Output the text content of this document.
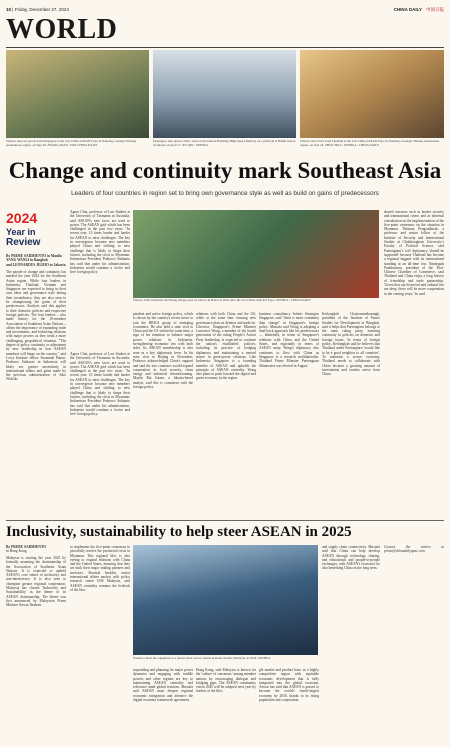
10 | Friday, December 27, 2024	CHINA DAILY 中国日报
WORLD
Visitors shop for goods from Singapore at the 21st China-ASEAN Expo in Nanning, Guangxi Zhuang autonomous region, on Sept 28. ZHANG AILIN / FOR CHINA DAILY
Passengers take photos with a train on the Jakarta-Bandung High-Speed Railway on a platform at Halim station in Jakarta on April 17. XU QIN / XINHUA
Visitors taste fruits from Thailand at the 21st China-ASEAN Expo in Nanning, Guangxi Zhuang autonomous region, on Sept 24. ZHOU HUA / XINHUA / CHINA DAILY
Change and continuity mark Southeast Asia
Leaders of four countries in region set to bring own governance style as well as build on gains of predecessors
2024
Year in
Review
By PRIME SARMIENTO in Manila
YANG WANLI in Bangkok
and LEONARDUS JEGHO in Jakarta
The parade of change and continuity has marked the year 2024 for the Southeast Asian region. While four leaders in Indonesia, Thailand, Vietnam and Singapore are expected to bring in their own ideas and governance style during their incumbency, they are also seen to be championing the gains of their predecessors. Analysts said this applies to their domestic policies and respective foreign policies. The four leaders – who made history for the 10-member Association of Southeast Asian Nations – affirm the importance of expanding trade and investments, and bolstering relations with major powers as they tread a more challenging geopolitical situation. "The degree of policy continuity or adjustment by new leadership in four ASEAN members will hinge on the country," said Lowy Institute fellow Susannah Patton. Prabowo Subianto in Indonesia will likely see greater uncertainty in international affairs and gains made by the previous administration of Joko Widodo.
Agnes Chia, professor of Law Studies at the University of Tasmania in Australia, said ASEAN's new faces are used to power. The ASEAN grid which has been challenged in the past few years. "In recent year, 10 times harder and harder for ASEAN to raise challenges. The key in convergence because new members played China and shifting to new challenge that is likely to shape their futures, including the crisis in Myanmar. Indonesian President Prabowo Subianto has said that under his administration, Indonesia would continue a 'active and free' foreign policy.
Visitors from Vietnam's An Hoang village pose for photos in Hanoi in 2024 after the 21st China-ASEAN Expo. XINHUA / CHINA DAILY
pendent and active foreign policy, which is shown by the country's recent move to join the BRICS group of emerging economies. He also held a state visit to China and the US within the same time, a sign of his intention to balance major power relations in Indonesia, strengthening economic ties with both sides. Its ASEAN membership is also seen as a key diplomatic lever. In his state visit to Beijing in November, Prabowo acknowledged China's support and said the two countries would expand cooperation in food security, clean energy and industrial downstreaming. Maybe Bai Iskam, a Jakarta-based analyst, said this is consistent with the foreign policy.
relations with both China and the US, while at the same time forming new governance plan on defense and trade tie. Likewise, Singapore's Prime Minister Lawrence Wong, a member of the fourth generation of the ruling People's Action Party leadership, is expected to continue the nation's established policies, including its practice of hedging diplomacy and maintaining a neutral stance in great-power relations. Like Indonesia, Singapore is a founding member of ASEAN and upholds the principle of ASEAN centrality. Wong also plans to push forward the digital and green economy in the region.
business consultancy Solaris Strategies Singapore, said "there is more continuity than change" in Singapore's foreign policy. Mustafa said Wong is adopting a dual-track approach like his predecessors — bilaterally, in terms of Singapore's relations with China and the United States, and regionally in terms of ASEAN unity. Wong's diplomacy also continues to flow with China as Singapore is a research multilateralist. Thailand Prime Minister Paetongtarn Shinawatra was elected in August.
Kerlangkah Chaisornmekasangk, president of the Institute of Future Studies for Development in Bangkok, said it helps that Paetongtarn belongs to the same ruling party, ensuring continuity in policies on domestic and foreign issues. In terms of foreign policy, Kerlangkah said he believes that Thailand under Paetongtarn 'would like to be a good neighbor to all countries'. To maintain a secure economy, Thailand needs to collaborate with China because a growing amount of investments and tourists arrive from China.
Agnes Chia, professor of Law Studies at the University of Tasmania in Australia, said ASEAN's new faces are used to power. The ASEAN grid which has been challenged in the past few years. "In recent year, 10 times harder and harder for ASEAN to raise challenges. The key in convergence because new members played China and shifting to new challenge that is likely to shape their futures, including the crisis in Myanmar. Indonesian President Prabowo Subianto has said that under his administration, Indonesia would continue a 'active and free' foreign policy.
shared concerns such as border security and transnational crime, and as informal consultation on the implementation of the five-point consensus on the situation in Myanmar. Thitinan Pongsudhirak, a professor and senior fellow of the Institute of Security and International Studies at Chulalongkorn University's Faculty of Political Science, said Paetongtarn's 'soft' diplomacy 'should be supported' because Thailand has become a regional laggard with its international standing at an all-time low. Nantaspak Panitkumrat, president of the Thai-Chinese Chamber of Commerce, said Thailand and China enjoy a long history of friendship and trade partnership. 'Given that our historical and cultural ties are deep, there will be more cooperation in the coming years,' he said.
Inclusivity, sustainability to help steer ASEAN in 2025
By PRIME SARMIENTO
in Hong Kong
Malaysia is starting the year 2025 by formally assuming the chairmanship of the Association of Southeast Asian Nations. It is expected to uphold ASEAN's core values of inclusivity and non-interference. It is also seen to champion greater regional cooperation. Malaysia has chosen 'Inclusivity and Sustainability' as the theme of its ASEAN chairmanship. The theme was first announced by Malaysian Prime Minister Anwar Ibrahim.
to implement the five-point consensus to peacefully resolve the protracted crisis in Myanmar. This regional bloc is also eyeing to expand relations with China and the United States, ensuring that they are both their major trading partners and investors. Sharizal Izuddin, senior international affairs analyst with policy research centre ISIS Malaysia, said ASEAN centrality remains the bedrock of the bloc.
Workers check the equipment at a photovoltaic power station in Kuala Kedah, Malaysia, in 2024. XINHUA
responding and planning for major power dynamics and engaging with middle powers and other regions are key to maintaining ASEAN centrality and relevance amid global tensions. Mustafa said ASEAN must deepen regional economic integration and advance the digital economy framework agreement.
Hong Kong, said Malaysia is known for the 'culture of consensus' among member nations by encouraging dialogue and bridging gaps. The ASEAN community vision 2045 will be adopted next year by leaders of the bloc.
gle market and product base, as a highly competitive region with equitable economic development that is fully integrated into the global economy. Anwar has said that ASEAN is poised to become the world's fourth-largest economy by 2030, thanks to its rising population and cooperation.
and supply chain connectivity. Mustafa said that China can help develop ASEAN through technology sharing, and educational and people-to-people exchanges, with ASEAN's economic tie also benefiting China in the long term.
Contact the writers at prime@chinadailyapac.com
